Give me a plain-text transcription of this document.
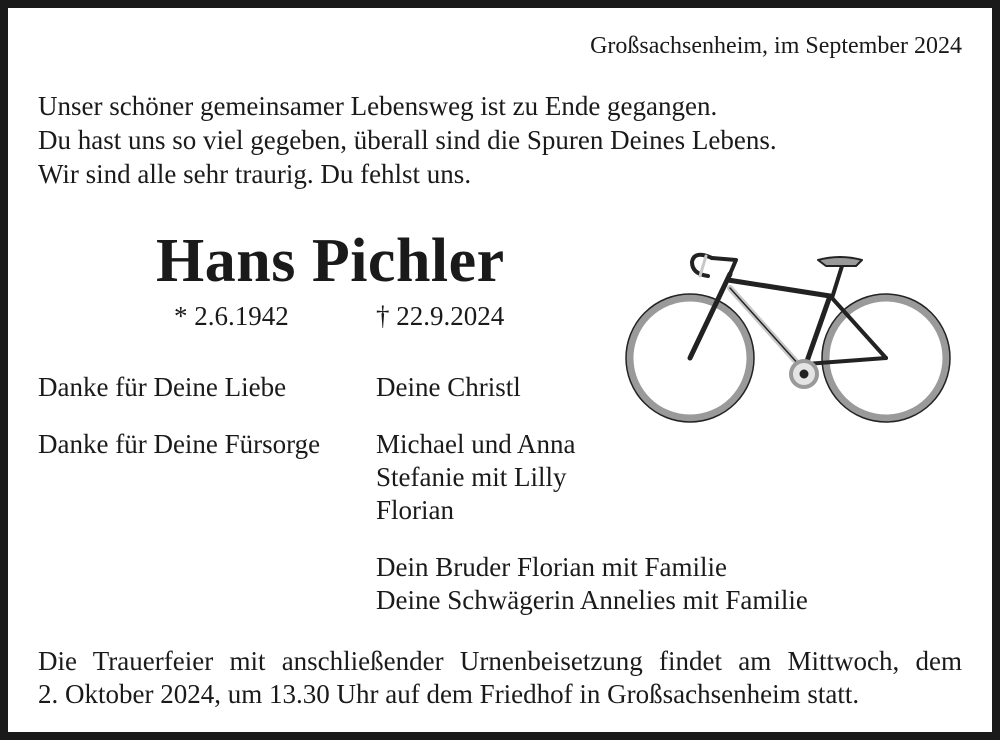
Großsachsenheim, im September 2024
Unser schöner gemeinsamer Lebensweg ist zu Ende gegangen.
Du hast uns so viel gegeben, überall sind die Spuren Deines Lebens.
Wir sind alle sehr traurig. Du fehlst uns.
Hans Pichler
* 2.6.1942	† 22.9.2024
Danke für Deine Liebe	Deine Christl
Danke für Deine Fürsorge Michael und Anna
Stefanie mit Lilly
Florian
Dein Bruder Florian mit Familie
Deine Schwägerin Annelies mit Familie
Die Trauerfeier mit anschließender Urnenbeisetzung findet am Mittwoch, dem
2. Oktober 2024, um 13.30 Uhr auf dem Friedhof in Großsachsenheim statt.
